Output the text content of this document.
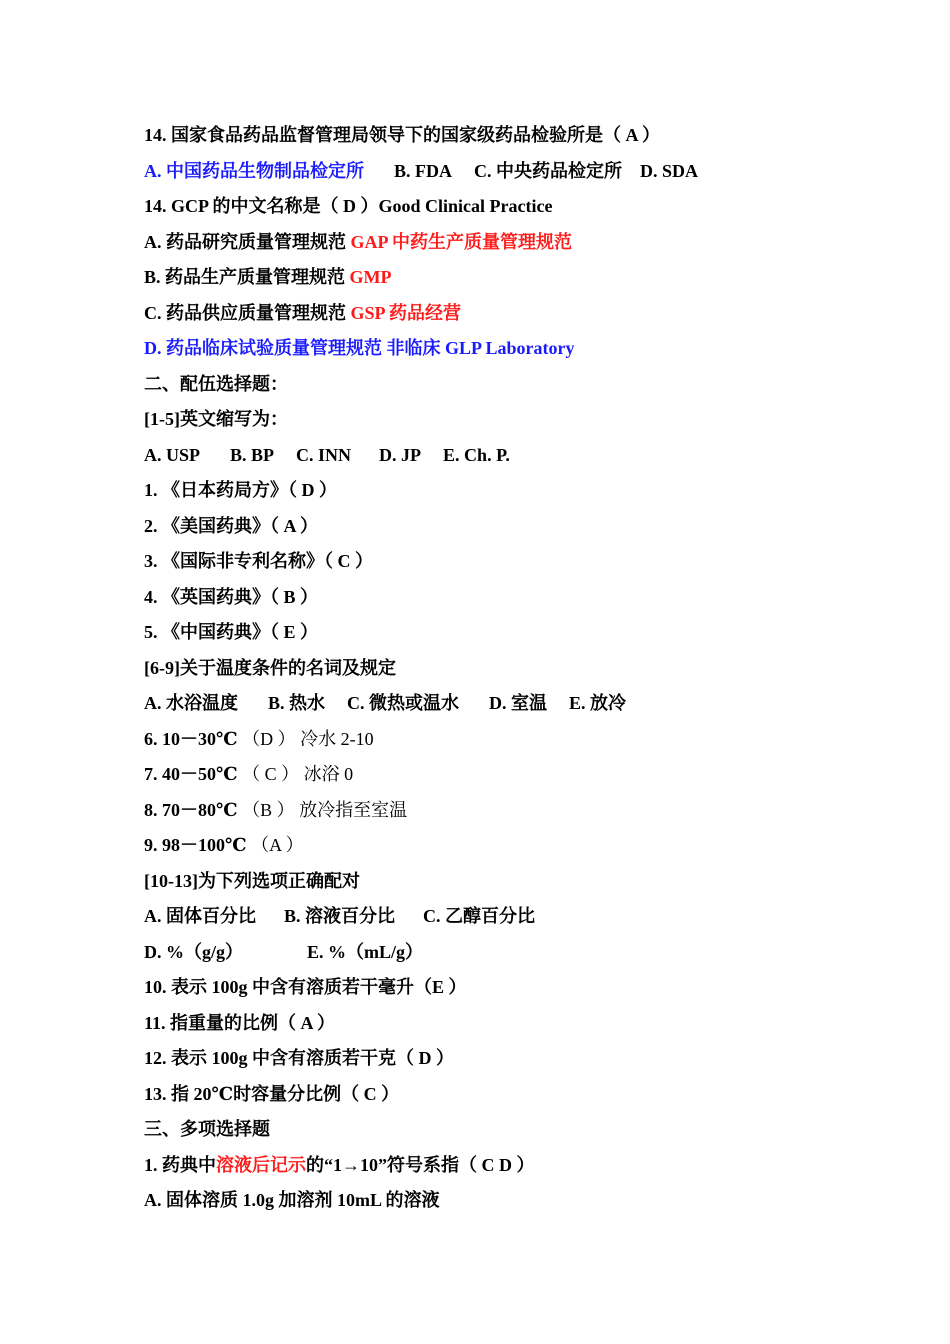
14. 国家食品药品监督管理局领导下的国家级药品检验所是（ A ）
A. 中国药品生物制品检定所 B. FDA C. 中央药品检定所 D. SDA
14. GCP 的中文名称是（ D ）Good Clinical Practice
A. 药品研究质量管理规范 GAP 中药生产质量管理规范
B. 药品生产质量管理规范 GMP
C. 药品供应质量管理规范 GSP 药品经营
D. 药品临床试验质量管理规范 非临床 GLP Laboratory
二、配伍选择题：
[1-5]英文缩写为：
A. USP B. BP C. INN D. JP E. Ch. P.
1. 《日本药局方》（ D ）
2. 《美国药典》（ A ）
3. 《国际非专利名称》（ C ）
4. 《英国药典》（ B ）
5. 《中国药典》（ E ）
[6-9]关于温度条件的名词及规定
A. 水浴温度 B. 热水 C. 微热或温水 D. 室温 E. 放冷
6. 10－30℃ （D ） 冷水 2-10
7. 40－50℃ （ C ） 冰浴 0
8. 70－80℃ （B ） 放冷指至室温
9. 98－100℃ （A ）
[10-13]为下列选项正确配对
A. 固体百分比 B. 溶液百分比 C. 乙醇百分比
D. %（g/g）	E. %（mL/g）
10. 表示 100g 中含有溶质若干毫升（E ）
11. 指重量的比例（ A ）
12. 表示 100g 中含有溶质若干克（ D ）
13. 指 20℃时容量分比例（ C ）
三、多项选择题
1. 药典中溶液后记示的“1→10”符号系指（ C D ）
A. 固体溶质 1.0g 加溶剂 10mL 的溶液
